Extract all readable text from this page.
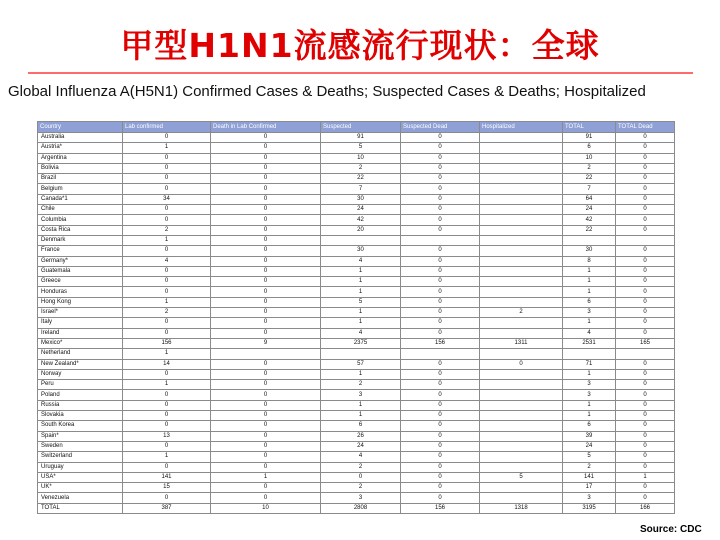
甲型H1N1流感流行现状：全球
Global Influenza A(H5N1) Confirmed Cases & Deaths; Suspected Cases & Deaths; Hospitalized
Country	Lab confirmed	Death in Lab Confirmed	Suspected	Suspected Dead	Hospitalized	TOTAL	TOTAL Dead
Australia	0	0	91	0		91	0
Austria*	1	0	5	0		6	0
Argentina	0	0	10	0		10	0
Bolivia	0	0	2	0		2	0
Brazil	0	0	22	0		22	0
Belgium	0	0	7	0		7	0
Canada*1	34	0	30	0		64	0
Chile	0	0	24	0		24	0
Columbia	0	0	42	0		42	0
Costa Rica	2	0	20	0		22	0
Denmark	1	0					
France	0	0	30	0		30	0
Germany*	4	0	4	0		8	0
Guatemala	0	0	1	0		1	0
Greece	0	0	1	0		1	0
Honduras	0	0	1	0		1	0
Hong Kong	1	0	5	0		6	0
Israel*	2	0	1	0	2	3	0
Italy	0	0	1	0		1	0
Ireland	0	0	4	0		4	0
Mexico*	156	9	2375	156	1311	2531	165
Netherland	1						
New Zealand*	14	0	57	0	0	71	0
Norway	0	0	1	0		1	0
Peru	1	0	2	0		3	0
Poland	0	0	3	0		3	0
Russia	0	0	1	0		1	0
Slovakia	0	0	1	0		1	0
South Korea	0	0	6	0		6	0
Spain*	13	0	26	0		39	0
Sweden	0	0	24	0		24	0
Switzerland	1	0	4	0		5	0
Uruguay	0	0	2	0		2	0
USA*	141	1	0	0	5	141	1
UK*	15	0	2	0		17	0
Venezuela	0	0	3	0		3	0
TOTAL	387	10	2808	156	1318	3195	166
Source: CDC
